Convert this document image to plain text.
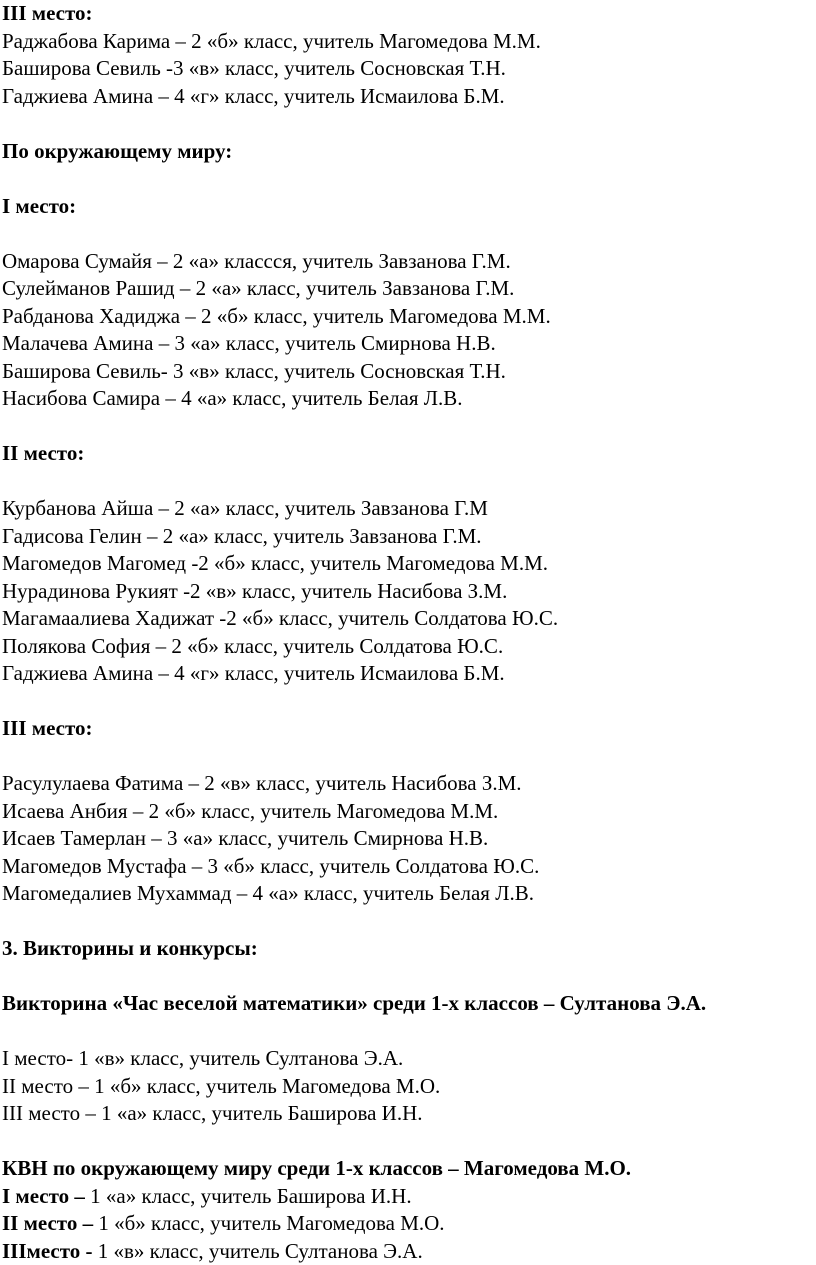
III место:
Раджабова Карима – 2 «б» класс, учитель Магомедова М.М.
Баширова Севиль -3 «в» класс, учитель Сосновская Т.Н.
Гаджиева Амина – 4 «г» класс, учитель Исмаилова Б.М.
По окружающему миру:
I место:
Омарова Сумайя – 2 «а» классся, учитель Завзанова Г.М.
Сулейманов Рашид – 2 «а» класс, учитель Завзанова Г.М.
Рабданова Хадиджа – 2 «б» класс, учитель Магомедова М.М.
Малачева Амина – 3 «а» класс, учитель Смирнова Н.В.
Баширова Севиль- 3 «в» класс, учитель Сосновская Т.Н.
Насибова Самира – 4 «а» класс, учитель Белая Л.В.
II место:
Курбанова Айша – 2 «а» класс, учитель Завзанова Г.М
Гадисова Гелин – 2 «а» класс, учитель Завзанова Г.М.
Магомедов Магомед -2 «б» класс, учитель Магомедова М.М.
Нурадинова Рукият -2 «в» класс, учитель Насибова З.М.
Магамаалиева Хадижат -2 «б» класс, учитель Солдатова Ю.С.
Полякова София – 2 «б» класс, учитель Солдатова Ю.С.
Гаджиева Амина – 4 «г» класс, учитель Исмаилова Б.М.
III место:
Расулулаева Фатима – 2 «в» класс, учитель Насибова З.М.
Исаева Анбия – 2 «б» класс, учитель Магомедова М.М.
Исаев Тамерлан – 3 «а» класс, учитель Смирнова Н.В.
Магомедов Мустафа – 3 «б» класс, учитель Солдатова Ю.С.
Магомедалиев Мухаммад – 4 «а» класс, учитель Белая Л.В.
3. Викторины и конкурсы:
Викторина «Час веселой математики» среди 1-х классов – Султанова Э.А.
I место- 1 «в» класс, учитель Султанова Э.А.
II место – 1 «б» класс, учитель Магомедова М.О.
III место – 1 «а» класс, учитель Баширова И.Н.
КВН по окружающему миру среди 1-х классов – Магомедова М.О.
I место – 1 «а» класс, учитель Баширова И.Н.
II место – 1 «б» класс, учитель Магомедова М.О.
IIIместо - 1 «в» класс, учитель Султанова Э.А.
